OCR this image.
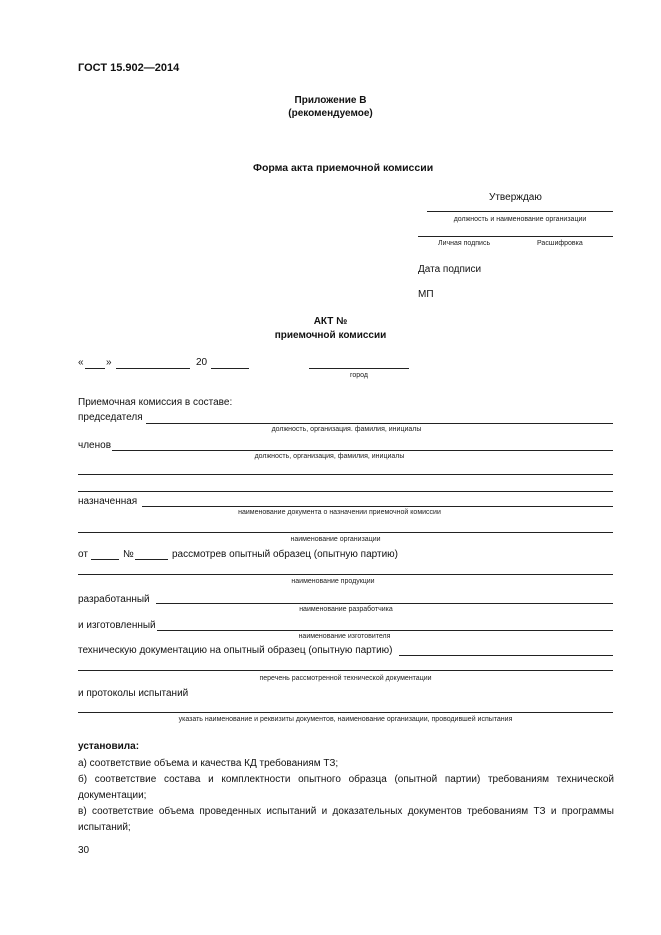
ГОСТ 15.902—2014
Приложение В
(рекомендуемое)
Форма акта приемочной комиссии
Утверждаю
должность и наименование организации
Личная подпись	Расшифровка
Дата подписи
МП
АКТ №
приемочной комиссии
« »	20
город
Приемочная комиссия в составе:
председателя
должность, организация. фамилия, инициалы
членов
должность, организация, фамилия, инициалы
назначенная
наименование документа о назначении приемочной комиссии
наименование организации
от	№	рассмотрев опытный образец (опытную партию)
наименование продукции
разработанный
наименование разработчика
и изготовленный
наименование изготовителя
техническую документацию на опытный образец (опытную партию)
перечень рассмотренной технической документации
и протоколы испытаний
указать наименование и реквизиты документов, наименование организации, проводившей испытания
установила:
а) соответствие объема и качества КД требованиям ТЗ;
б) соответствие состава и комплектности опытного образца (опытной партии) требованиям технической документации;
в) соответствие объема проведенных испытаний и доказательных документов требованиям ТЗ и программы испытаний;
30
